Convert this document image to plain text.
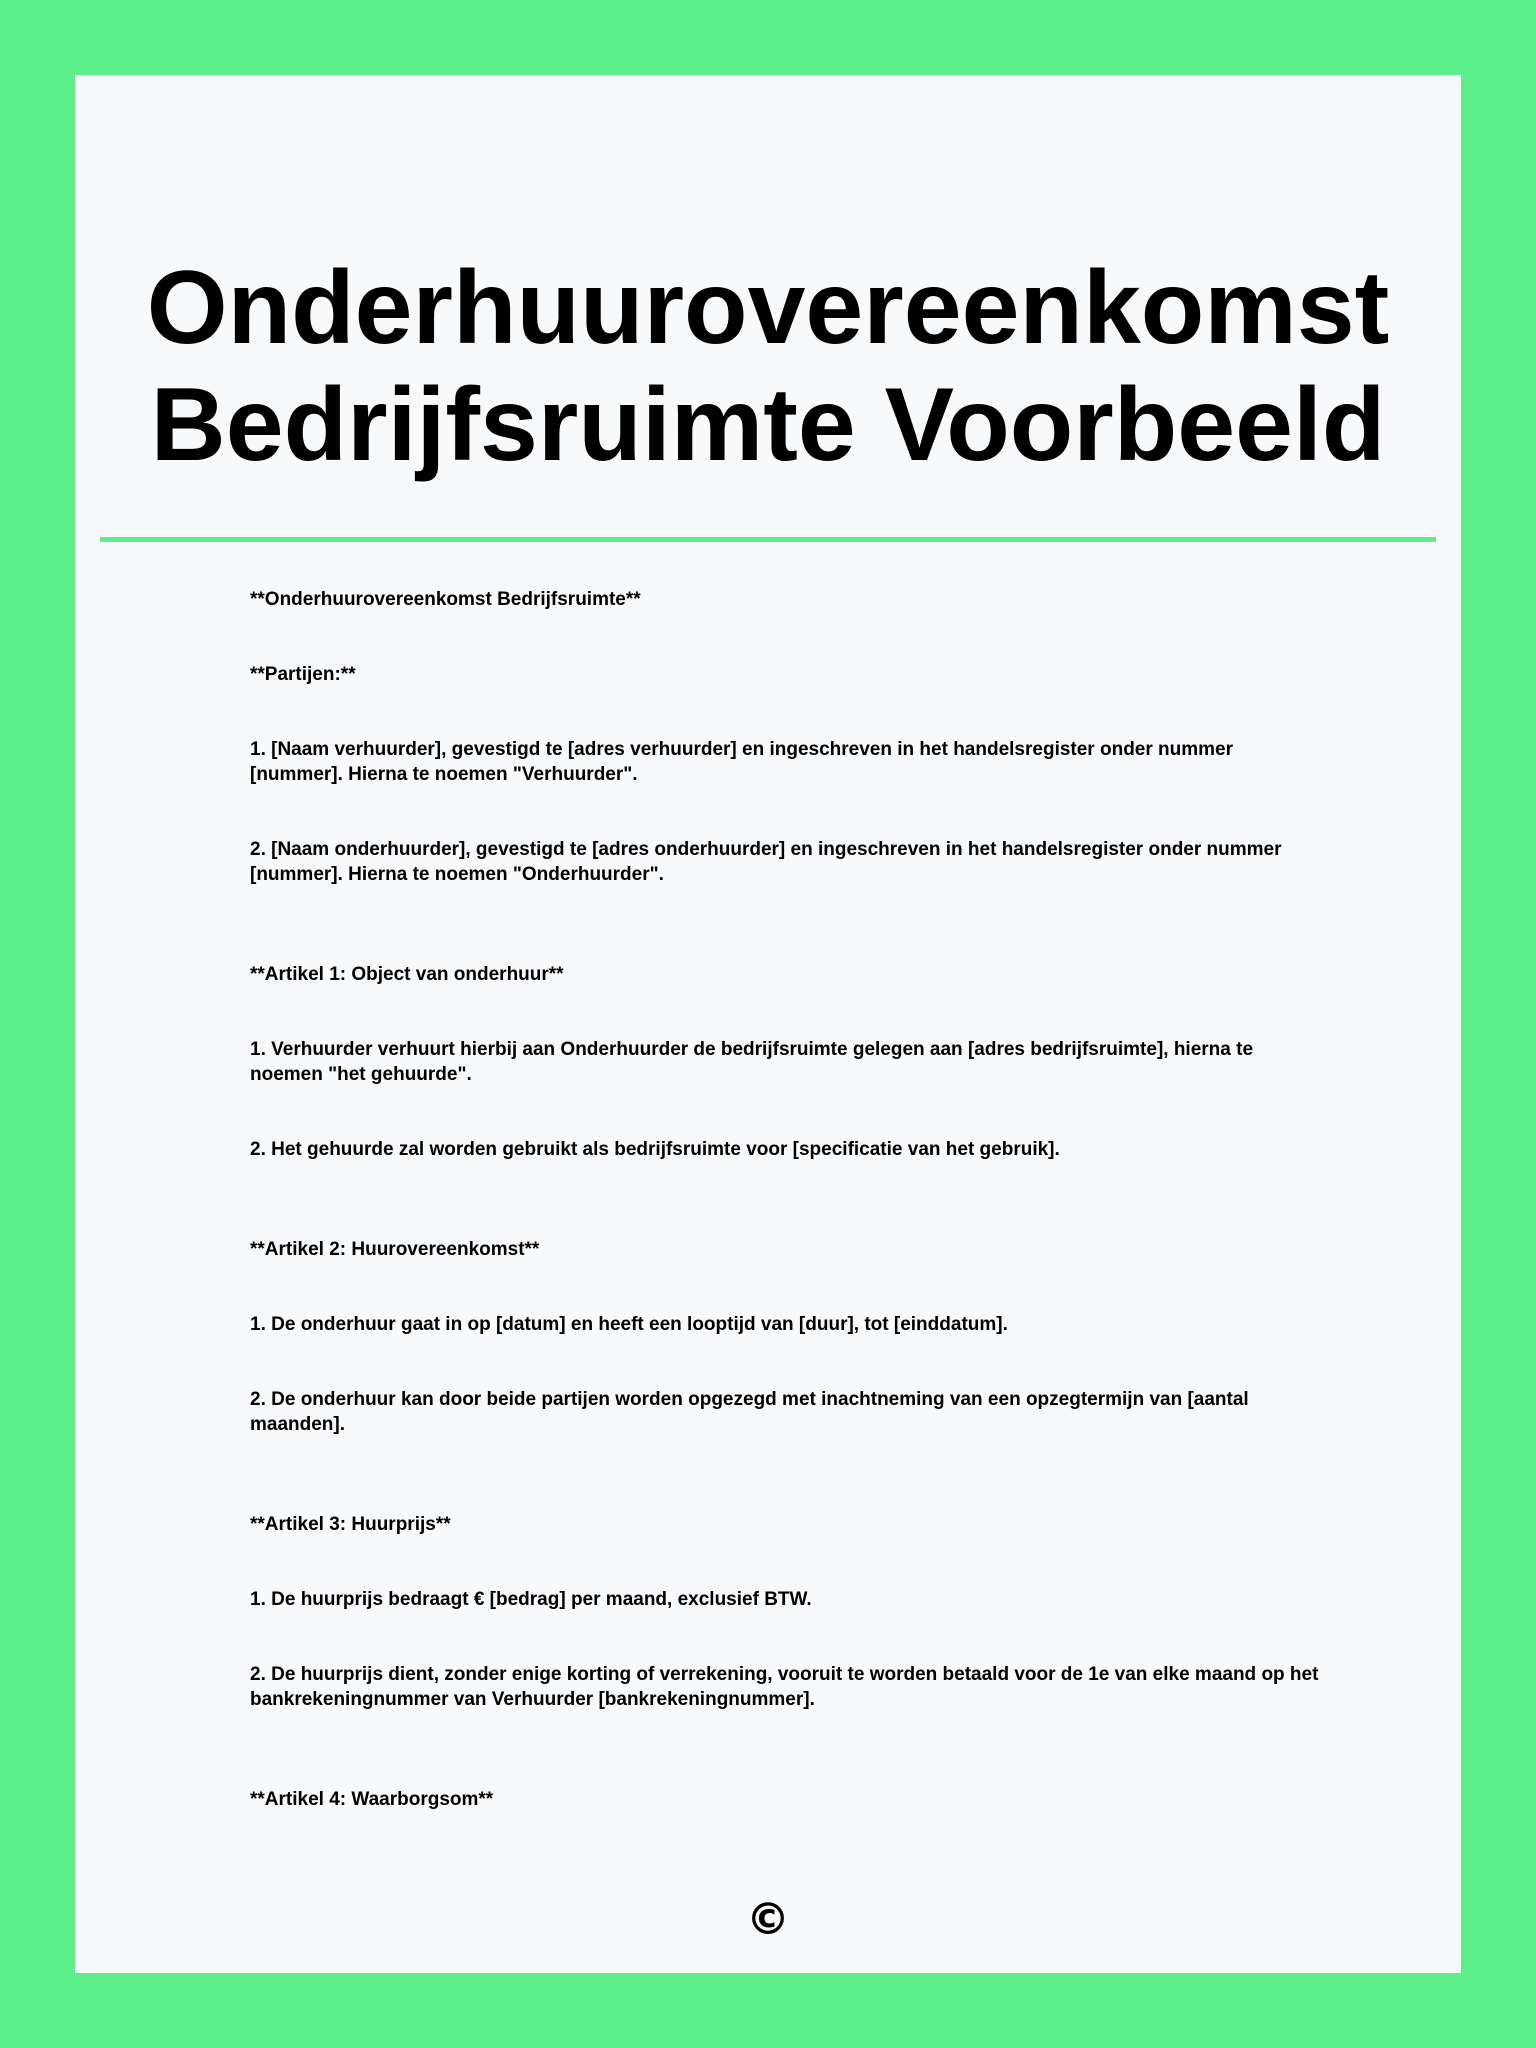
Onderhuurovereenkomst
Bedrijfsruimte Voorbeeld

**Onderhuurovereenkomst Bedrijfsruimte**

**Partijen:**

1. [Naam verhuurder], gevestigd te [adres verhuurder] en ingeschreven in het handelsregister onder nummer [nummer]. Hierna te noemen "Verhuurder".

2. [Naam onderhuurder], gevestigd te [adres onderhuurder] en ingeschreven in het handelsregister onder nummer [nummer]. Hierna te noemen "Onderhuurder".

**Artikel 1: Object van onderhuur**

1. Verhuurder verhuurt hierbij aan Onderhuurder de bedrijfsruimte gelegen aan [adres bedrijfsruimte], hierna te noemen "het gehuurde".

2. Het gehuurde zal worden gebruikt als bedrijfsruimte voor [specificatie van het gebruik].

**Artikel 2: Huurovereenkomst**

1. De onderhuur gaat in op [datum] en heeft een looptijd van [duur], tot [einddatum].

2. De onderhuur kan door beide partijen worden opgezegd met inachtneming van een opzegtermijn van [aantal maanden].

**Artikel 3: Huurprijs**

1. De huurprijs bedraagt € [bedrag] per maand, exclusief BTW.

2. De huurprijs dient, zonder enige korting of verrekening, vooruit te worden betaald voor de 1e van elke maand op het bankrekeningnummer van Verhuurder [bankrekeningnummer].

**Artikel 4: Waarborgsom**

©
